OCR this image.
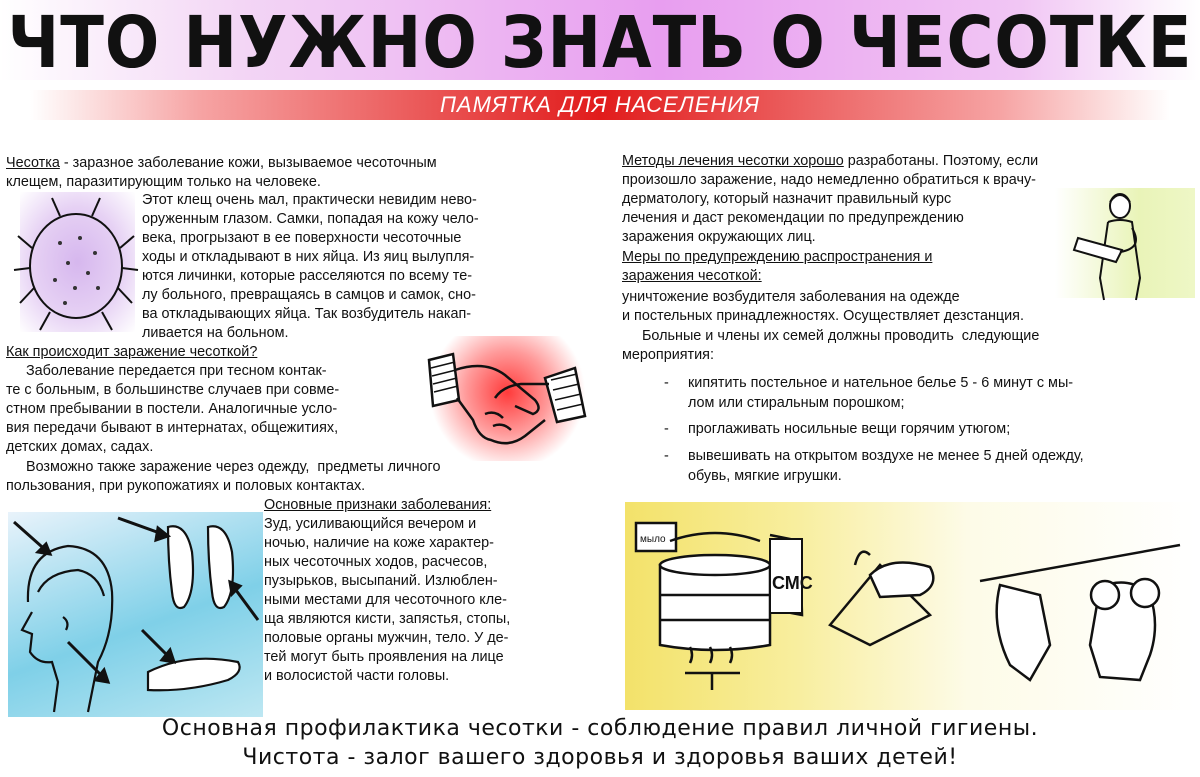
ЧТО НУЖНО ЗНАТЬ О ЧЕСОТКЕ
ПАМЯТКА ДЛЯ НАСЕЛЕНИЯ
мыло
СМС
Чесотка - заразное заболевание кожи, вызываемое чесоточным
клещем, паразитирующим только на человеке.
Этот клещ очень мал, практически невидим нево-
оруженным глазом. Самки, попадая на кожу чело-
века, прогрызают в ее поверхности чесоточные
ходы и откладывают в них яйца. Из яиц вылупля-
ются личинки, которые расселяются по всему те-
лу больного, превращаясь в самцов и самок, сно-
ва откладывающих яйца. Так возбудитель накап-
ливается на больном.
Как происходит заражение чесоткой?
Заболевание передается при тесном контак-
те с больным, в большинстве случаев при совме-
стном пребывании в постели. Аналогичные усло-
вия передачи бывают в интернатах, общежитиях,
детских домах, садах.
Возможно также заражение через одежду,  предметы личного
пользования, при рукопожатиях и половых контактах.
Основные признаки заболевания:
Зуд, усиливающийся вечером и
ночью, наличие на коже характер-
ных чесоточных ходов, расчесов,
пузырьков, высыпаний. Излюблен-
ными местами для чесоточного кле-
ща являются кисти, запястья, стопы,
половые органы мужчин, тело. У де-
тей могут быть проявления на лице
и волосистой части головы.
Методы лечения чесотки хорошо разработаны. Поэтому, если
произошло заражение, надо немедленно обратиться к врачу-
дерматологу, который назначит правильный курс
лечения и даст рекомендации по предупреждению
заражения окружающих лиц.
Меры по предупреждению распространения и
заражения чесоткой:
уничтожение возбудителя заболевания на одежде
и постельных принадлежностях. Осуществляет дезстанция.
Больные и члены их семей должны проводить  следующие
мероприятия:
- кипятить постельное и нательное белье 5 - 6 минут с мы-
лом или стиральным порошком;
- проглаживать носильные вещи горячим утюгом;
- вывешивать на открытом воздухе не менее 5 дней одежду,
обувь, мягкие игрушки.
Основная профилактика чесотки - соблюдение правил личной гигиены.
Чистота - залог вашего здоровья и здоровья ваших детей!
